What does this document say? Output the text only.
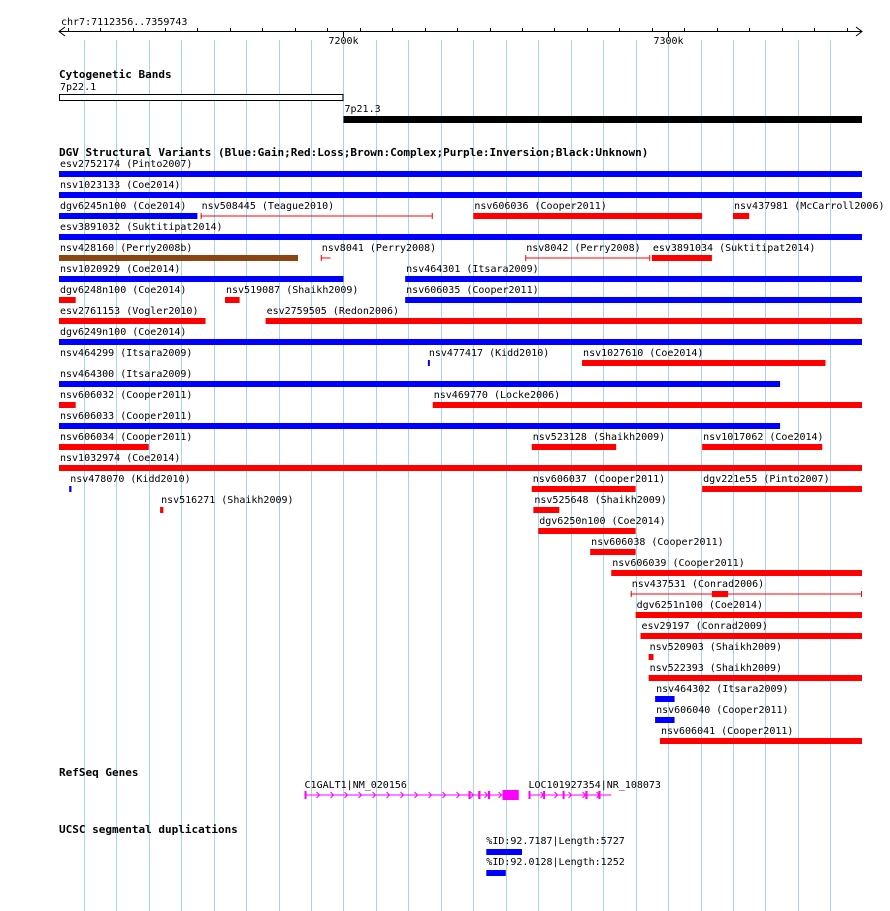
chr7:7112356..7359743
7200k	7300k
Cytogenetic Bands
7p22.1
7p21.3
DGV Structural Variants (Blue:Gain;Red:Loss;Brown:Complex;Purple:Inversion;Black:Unknown)
esv2752174 (Pinto2007)
nsv1023133 (Coe2014)
dgv6245n100 (Coe2014) nsv508445 (Teague2010)	nsv606036 (Cooper2011)	nsv437981 (McCarroll2006)
esv3891032 (Suktitipat2014)
nsv428160 (Perry2008b)	nsv8041 (Perry2008)	nsv8042 (Perry2008) esv3891034 (Suktitipat2014)
nsv1020929 (Coe2014)	nsv464301 (Itsara2009)
dgv6248n100 (Coe2014)	nsv519087 (Shaikh2009)	nsv606035 (Cooper2011)
esv2761153 (Vogler2010)	esv2759505 (Redon2006)
dgv6249n100 (Coe2014)
nsv464299 (Itsara2009)	nsv477417 (Kidd2010)	nsv1027610 (Coe2014)
nsv464300 (Itsara2009)
nsv606032 (Cooper2011)	nsv469770 (Locke2006)
nsv606033 (Cooper2011)
nsv606034 (Cooper2011)	nsv523128 (Shaikh2009)	nsv1017062 (Coe2014)
nsv1032974 (Coe2014)
nsv478070 (Kidd2010)	nsv606037 (Cooper2011)	dgv221e55 (Pinto2007)
nsv516271 (Shaikh2009)	nsv525648 (Shaikh2009)
dgv6250n100 (Coe2014)
nsv606038 (Cooper2011)
nsv606039 (Cooper2011)
nsv437531 (Conrad2006)
dgv6251n100 (Coe2014)
esv29197 (Conrad2009)
nsv520903 (Shaikh2009)
nsv522393 (Shaikh2009)
nsv464302 (Itsara2009)
nsv606040 (Cooper2011)
nsv606041 (Cooper2011)
RefSeq Genes
C1GALT1|NM_020156	LOC101927354|NR_108073
UCSC segmental duplications
%ID:92.7187|Length:5727
%ID:92.0128|Length:1252
